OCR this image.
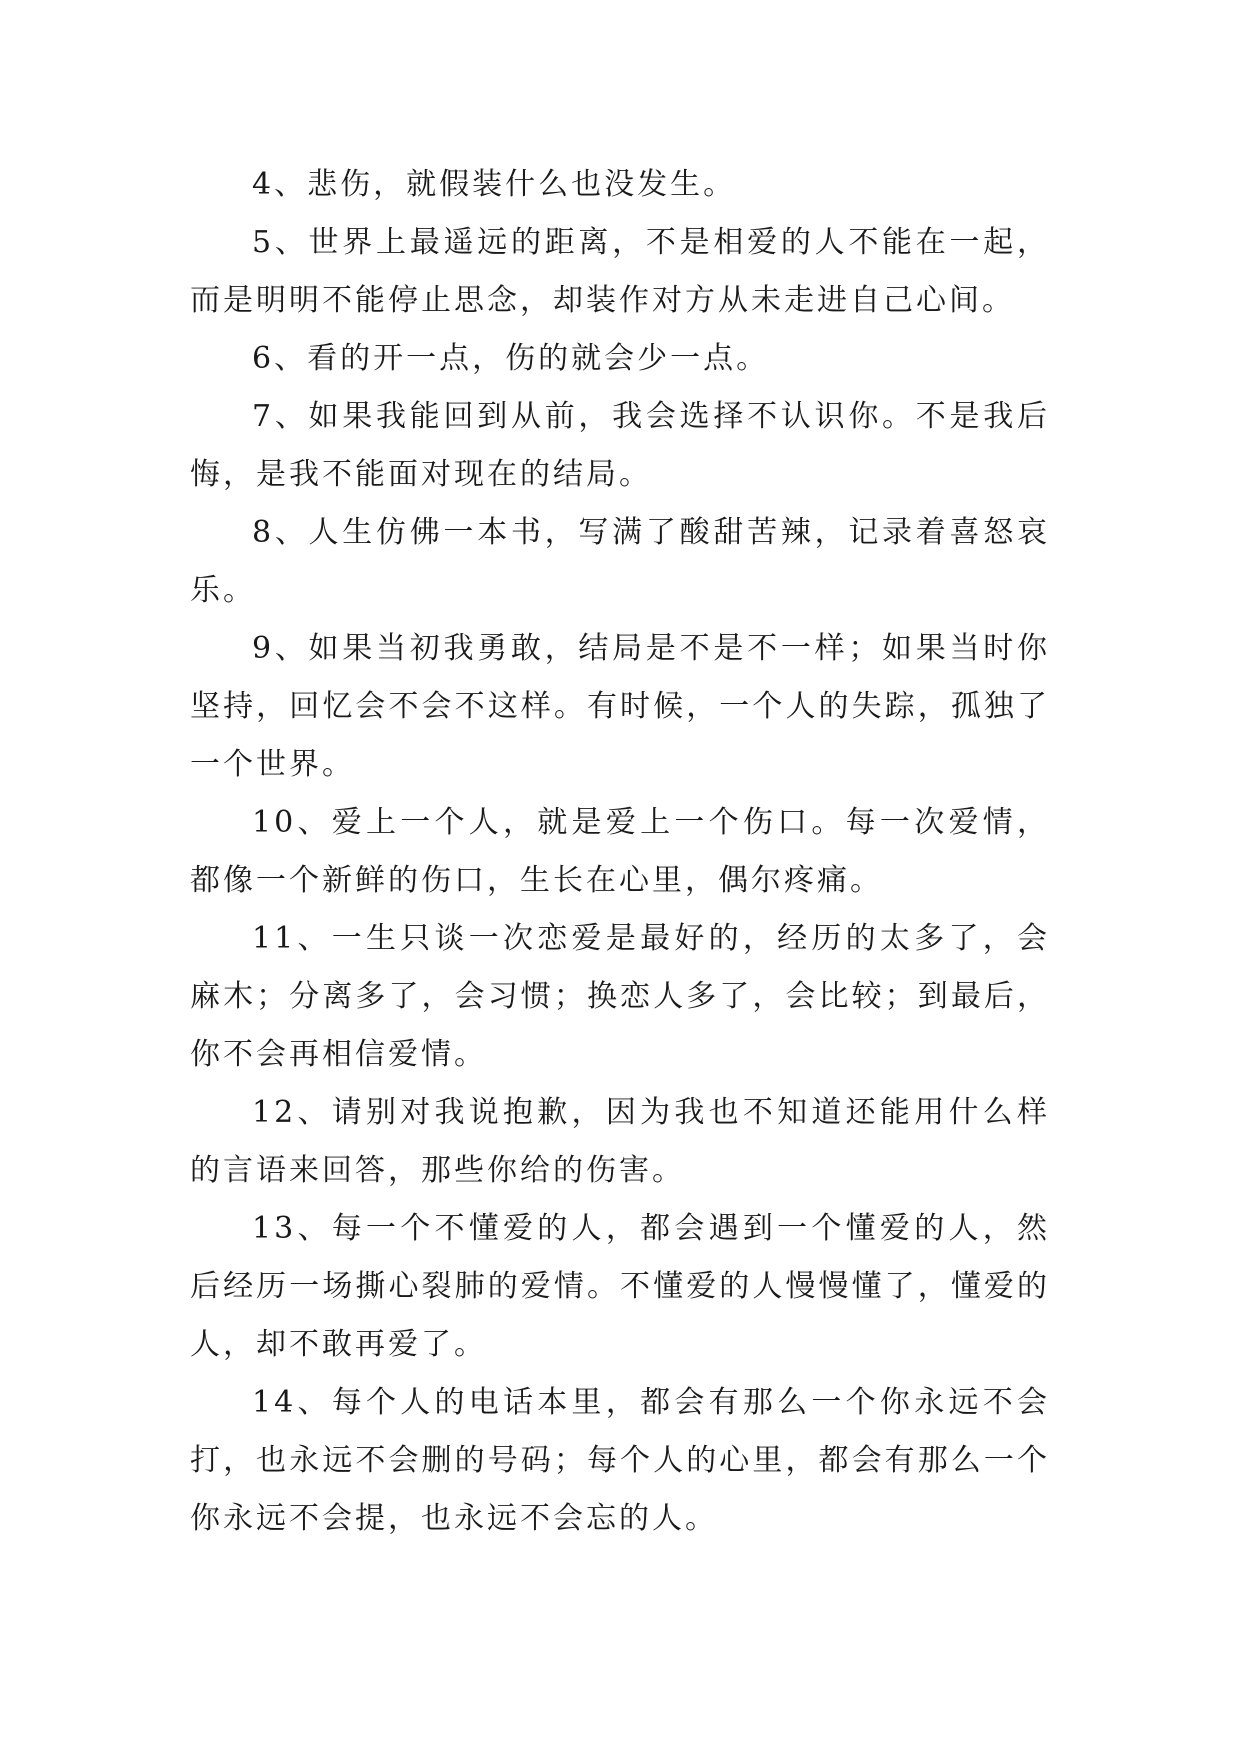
4、悲伤，就假装什么也没发生。

5、世界上最遥远的距离，不是相爱的人不能在一起，而是明明不能停止思念，却装作对方从未走进自己心间。

6、看的开一点，伤的就会少一点。

7、如果我能回到从前，我会选择不认识你。不是我后悔，是我不能面对现在的结局。

8、人生仿佛一本书，写满了酸甜苦辣，记录着喜怒哀乐。

9、如果当初我勇敢，结局是不是不一样；如果当时你坚持，回忆会不会不这样。有时候，一个人的失踪，孤独了一个世界。

10、爱上一个人，就是爱上一个伤口。每一次爱情，都像一个新鲜的伤口，生长在心里，偶尔疼痛。

11、一生只谈一次恋爱是最好的，经历的太多了，会麻木；分离多了，会习惯；换恋人多了，会比较；到最后，你不会再相信爱情。

12、请别对我说抱歉，因为我也不知道还能用什么样的言语来回答，那些你给的伤害。

13、每一个不懂爱的人，都会遇到一个懂爱的人，然后经历一场撕心裂肺的爱情。不懂爱的人慢慢懂了，懂爱的人，却不敢再爱了。

14、每个人的电话本里，都会有那么一个你永远不会打，也永远不会删的号码；每个人的心里，都会有那么一个你永远不会提，也永远不会忘的人。
